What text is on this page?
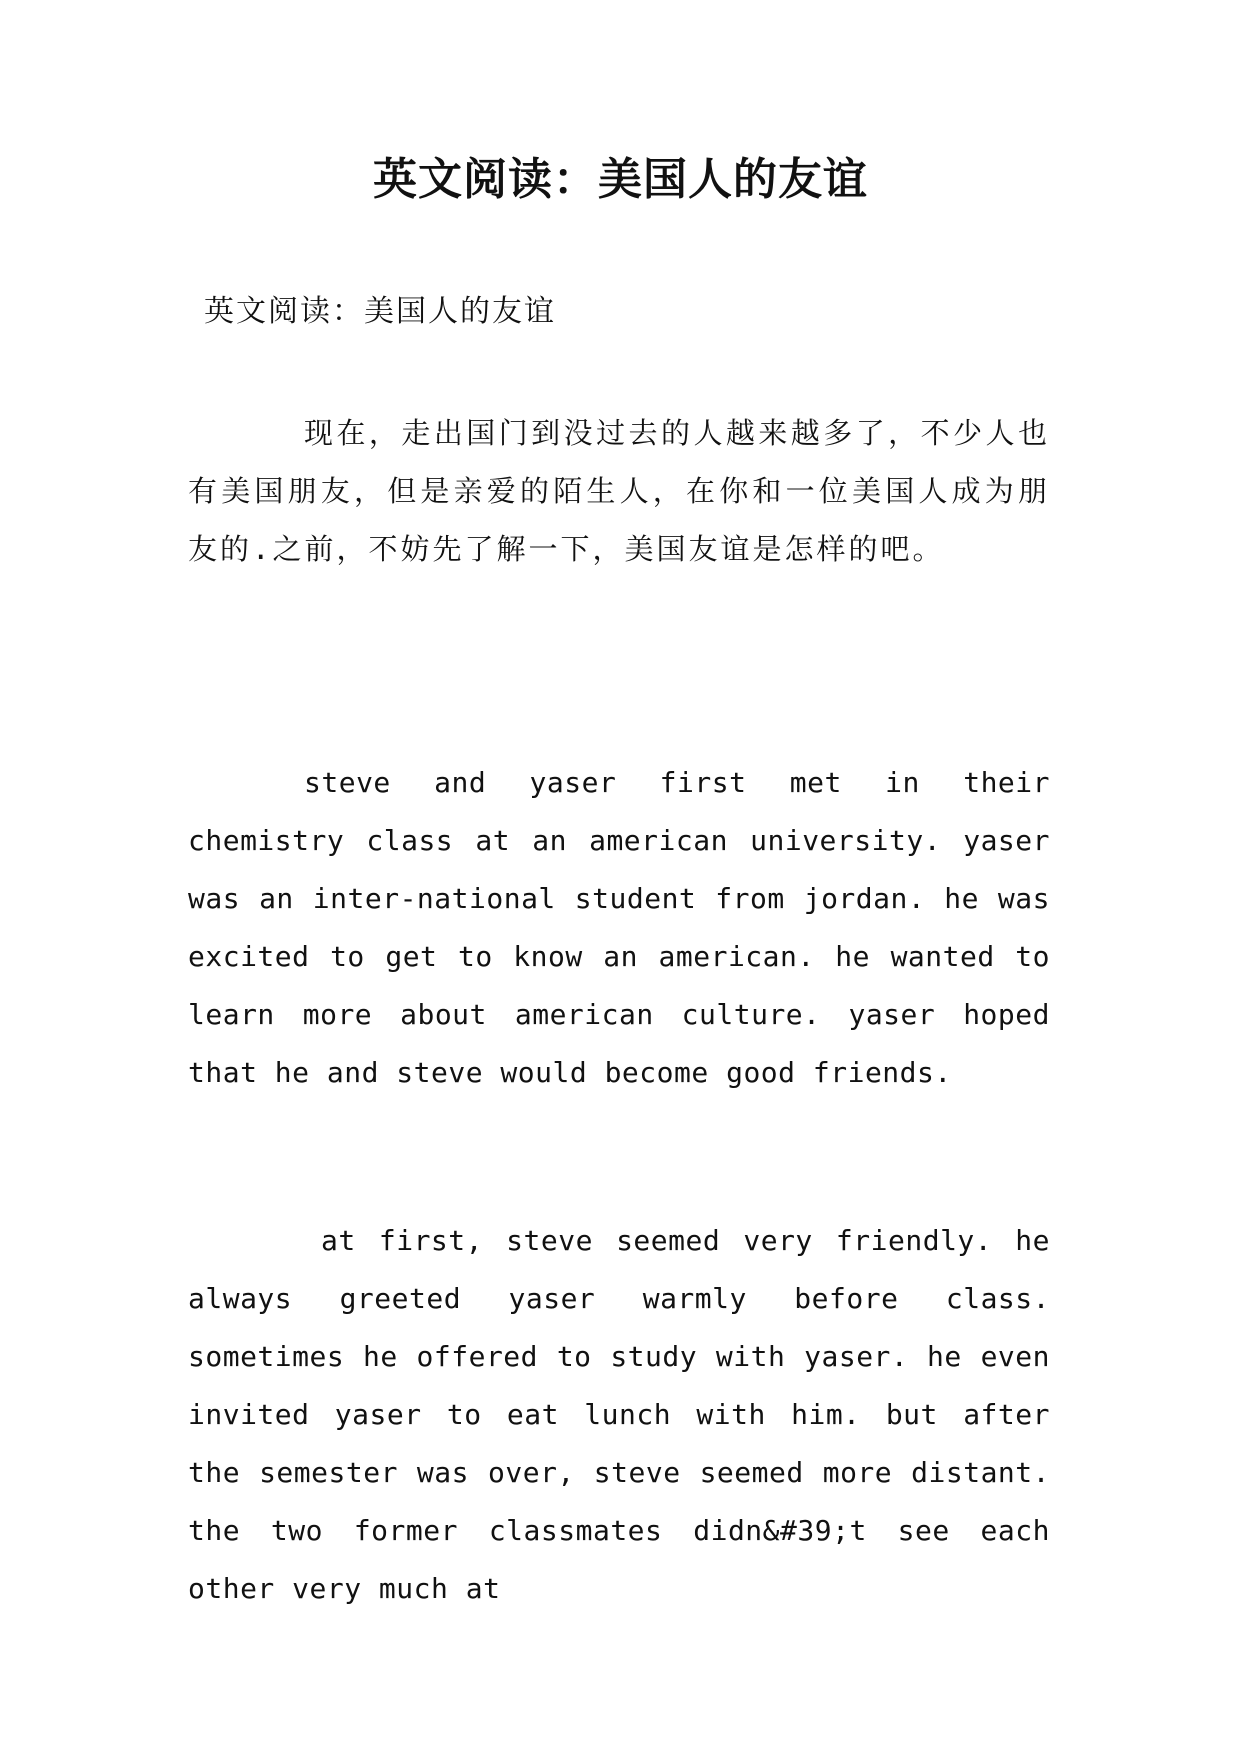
英文阅读：美国人的友谊

英文阅读：美国人的友谊

现在，走出国门到没过去的人越来越多了，不少人也有美国朋友，但是亲爱的陌生人，在你和一位美国人成为朋友的.之前，不妨先了解一下，美国友谊是怎样的吧。

steve and yaser first met in their chemistry class at an american university. yaser was an inter-national student from jordan. he was excited to get to know an american. he wanted to learn more about american culture. yaser hoped that he and steve would become good friends.

at first, steve seemed very friendly. he always greeted yaser warmly before class. sometimes he offered to study with yaser. he even invited yaser to eat lunch with him. but after the semester was over, steve seemed more distant. the two former classmates didn&#39;t see each other very much at
